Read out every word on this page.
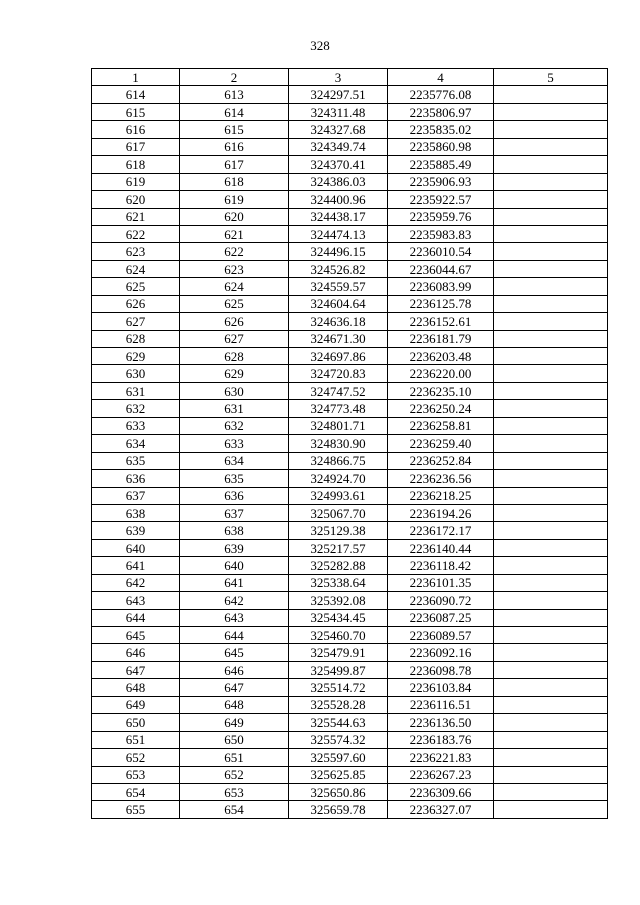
328
1	2	3	4	5
614	613	324297.51	2235776.08	
615	614	324311.48	2235806.97	
616	615	324327.68	2235835.02	
617	616	324349.74	2235860.98	
618	617	324370.41	2235885.49	
619	618	324386.03	2235906.93	
620	619	324400.96	2235922.57	
621	620	324438.17	2235959.76	
622	621	324474.13	2235983.83	
623	622	324496.15	2236010.54	
624	623	324526.82	2236044.67	
625	624	324559.57	2236083.99	
626	625	324604.64	2236125.78	
627	626	324636.18	2236152.61	
628	627	324671.30	2236181.79	
629	628	324697.86	2236203.48	
630	629	324720.83	2236220.00	
631	630	324747.52	2236235.10	
632	631	324773.48	2236250.24	
633	632	324801.71	2236258.81	
634	633	324830.90	2236259.40	
635	634	324866.75	2236252.84	
636	635	324924.70	2236236.56	
637	636	324993.61	2236218.25	
638	637	325067.70	2236194.26	
639	638	325129.38	2236172.17	
640	639	325217.57	2236140.44	
641	640	325282.88	2236118.42	
642	641	325338.64	2236101.35	
643	642	325392.08	2236090.72	
644	643	325434.45	2236087.25	
645	644	325460.70	2236089.57	
646	645	325479.91	2236092.16	
647	646	325499.87	2236098.78	
648	647	325514.72	2236103.84	
649	648	325528.28	2236116.51	
650	649	325544.63	2236136.50	
651	650	325574.32	2236183.76	
652	651	325597.60	2236221.83	
653	652	325625.85	2236267.23	
654	653	325650.86	2236309.66	
655	654	325659.78	2236327.07	
